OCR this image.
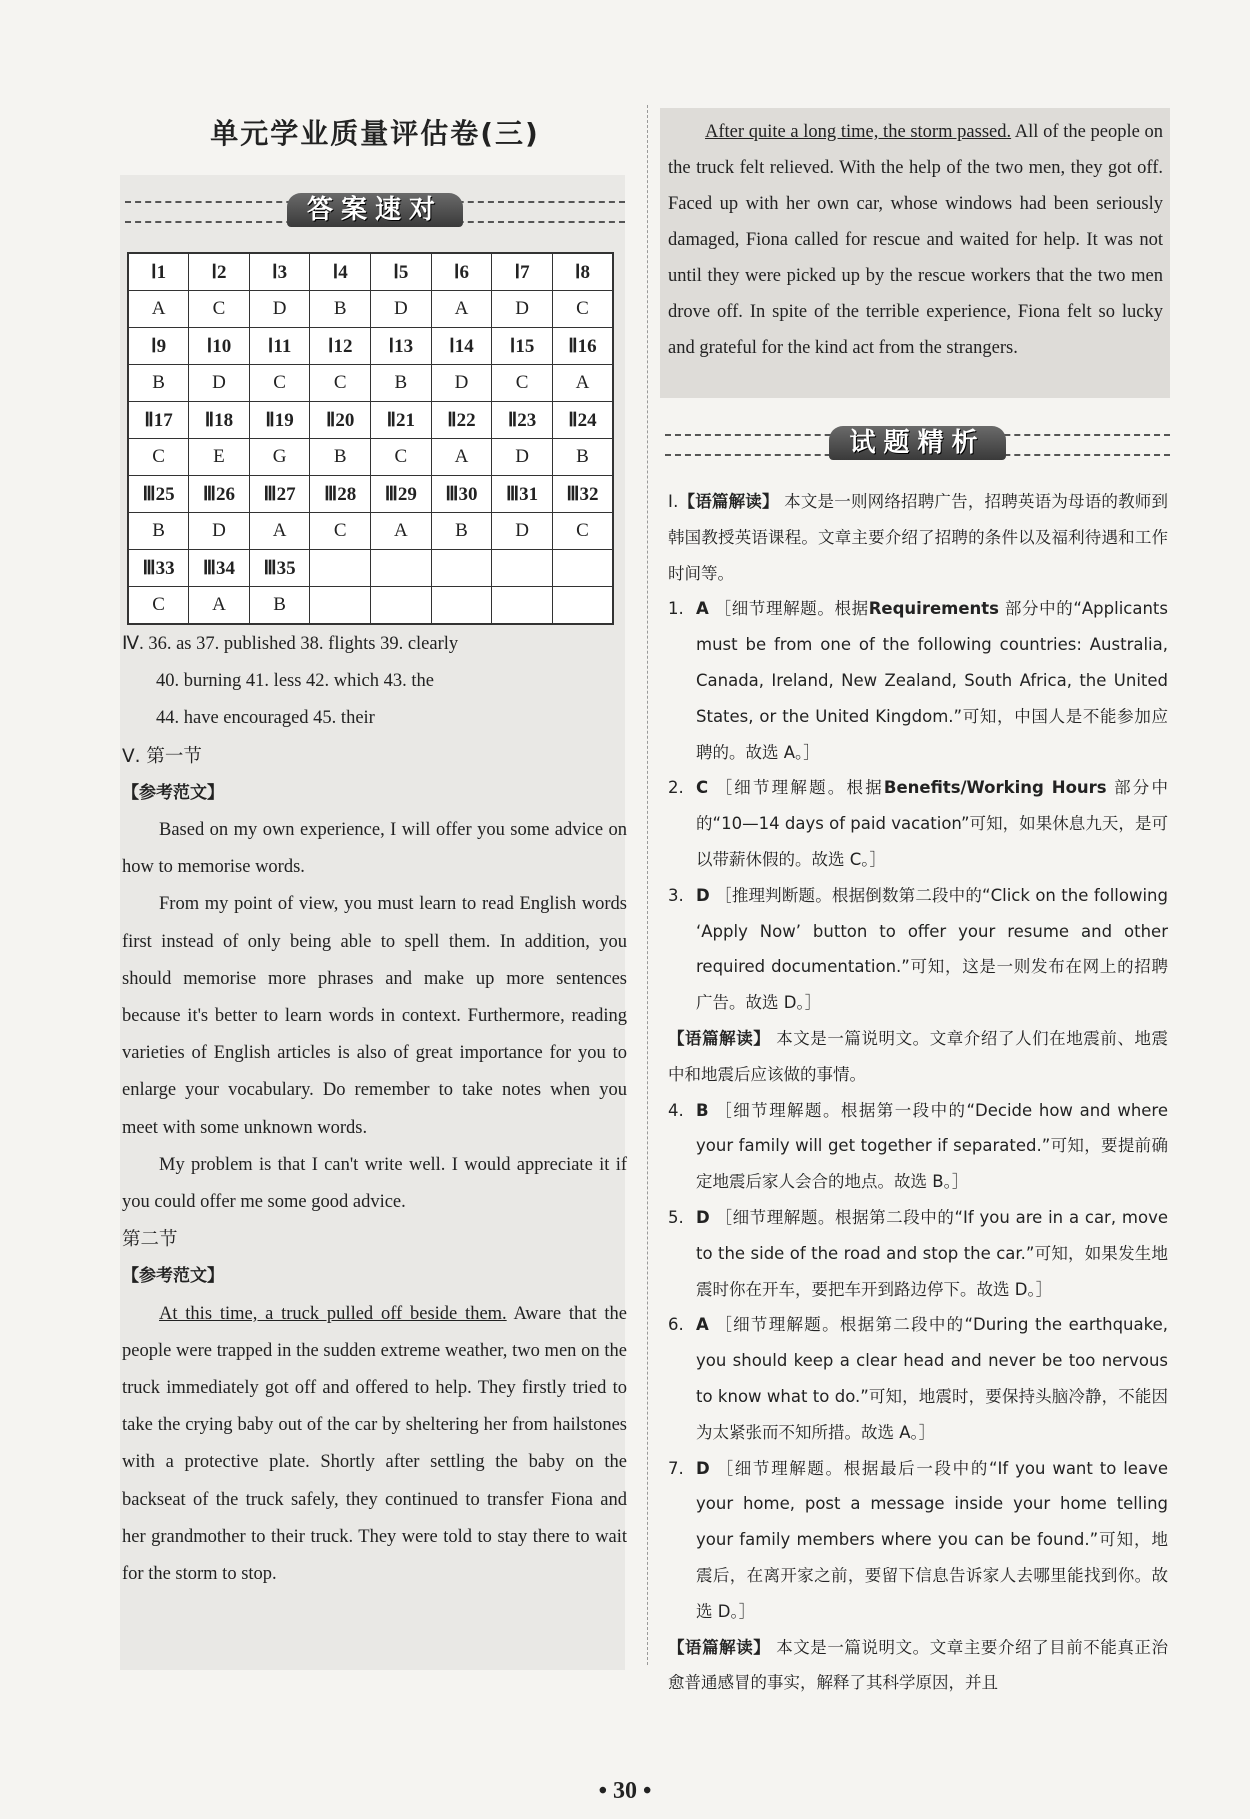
单元学业质量评估卷(三)
答案速对
Ⅰ1	Ⅰ2	Ⅰ3	Ⅰ4	Ⅰ5	Ⅰ6	Ⅰ7	Ⅰ8
A	C	D	B	D	A	D	C
Ⅰ9	Ⅰ10	Ⅰ11	Ⅰ12	Ⅰ13	Ⅰ14	Ⅰ15	Ⅱ16
B	D	C	C	B	D	C	A
Ⅱ17	Ⅱ18	Ⅱ19	Ⅱ20	Ⅱ21	Ⅱ22	Ⅱ23	Ⅱ24
C	E	G	B	C	A	D	B
Ⅲ25	Ⅲ26	Ⅲ27	Ⅲ28	Ⅲ29	Ⅲ30	Ⅲ31	Ⅲ32
B	D	A	C	A	B	D	C
Ⅲ33	Ⅲ34	Ⅲ35					
C	A	B					
Ⅳ. 36. as 37. published 38. flights 39. clearly
40. burning 41. less 42. which 43. the
44. have encouraged 45. their
Ⅴ. 第一节
【参考范文】

Based on my own experience, I will offer you some advice on how to memorise words.

From my point of view, you must learn to read English words first instead of only being able to spell them. In addition, you should memorise more phrases and make up more sentences because it's better to learn words in context. Furthermore, reading varieties of English articles is also of great importance for you to enlarge your vocabulary. Do remember to take notes when you meet with some unknown words.

My problem is that I can't write well. I would appreciate it if you could offer me some good advice.

第二节
【参考范文】

At this time, a truck pulled off beside them. Aware that the people were trapped in the sudden extreme weather, two men on the truck immediately got off and offered to help. They firstly tried to take the crying baby out of the car by sheltering her from hailstones with a protective plate. Shortly after settling the baby on the backseat of the truck safely, they continued to transfer Fiona and her grandmother to their truck. They were told to stay there to wait for the storm to stop.

After quite a long time, the storm passed. All of the people on the truck felt relieved. With the help of the two men, they got off. Faced up with her own car, whose windows had been seriously damaged, Fiona called for rescue and waited for help. It was not until they were picked up by the rescue workers that the two men drove off. In spite of the terrible experience, Fiona felt so lucky and grateful for the kind act from the strangers.

试题精析

Ⅰ.【语篇解读】 本文是一则网络招聘广告，招聘英语为母语的教师到韩国教授英语课程。文章主要介绍了招聘的条件以及福利待遇和工作时间等。

1. A ［细节理解题。根据Requirements 部分中的“Applicants must be from one of the following countries: Australia, Canada, Ireland, New Zealand, South Africa, the United States, or the United Kingdom.”可知，中国人是不能参加应聘的。故选 A。］
2. C ［细节理解题。根据Benefits/Working Hours 部分中的“10—14 days of paid vacation”可知，如果休息九天，是可以带薪休假的。故选 C。］
3. D ［推理判断题。根据倒数第二段中的“Click on the following ‘Apply Now’ button to offer your resume and other required documentation.”可知，这是一则发布在网上的招聘广告。故选 D。］

【语篇解读】 本文是一篇说明文。文章介绍了人们在地震前、地震中和地震后应该做的事情。

4. B ［细节理解题。根据第一段中的“Decide how and where your family will get together if separated.”可知，要提前确定地震后家人会合的地点。故选 B。］
5. D ［细节理解题。根据第二段中的“If you are in a car, move to the side of the road and stop the car.”可知，如果发生地震时你在开车，要把车开到路边停下。故选 D。］
6. A ［细节理解题。根据第二段中的“During the earthquake, you should keep a clear head and never be too nervous to know what to do.”可知，地震时，要保持头脑冷静，不能因为太紧张而不知所措。故选 A。］
7. D ［细节理解题。根据最后一段中的“If you want to leave your home, post a message inside your home telling your family members where you can be found.”可知，地震后，在离开家之前，要留下信息告诉家人去哪里能找到你。故选 D。］

【语篇解读】 本文是一篇说明文。文章主要介绍了目前不能真正治愈普通感冒的事实，解释了其科学原因，并且

• 30 •
